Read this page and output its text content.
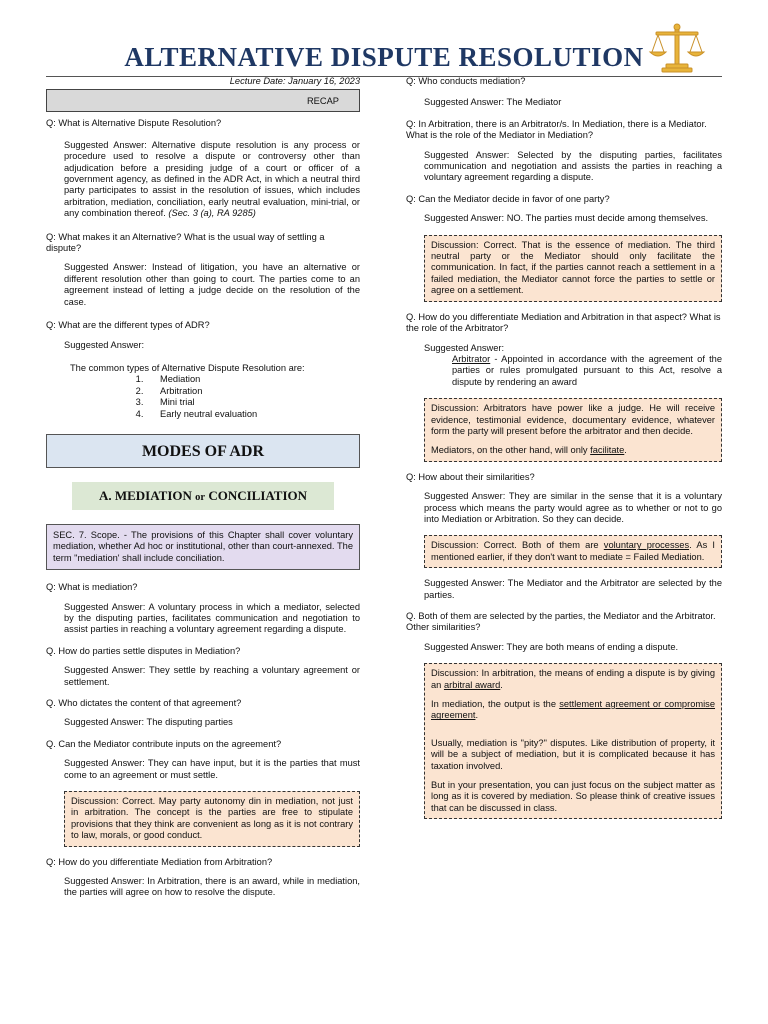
ALTERNATIVE DISPUTE RESOLUTION
Lecture Date: January 16, 2023
RECAP
Q: What is Alternative Dispute Resolution?
Suggested Answer: Alternative dispute resolution is any process or procedure used to resolve a dispute or controversy other than adjudication before a presiding judge of a court or officer of a government agency, as defined in the ADR Act, in which a neutral third party participates to assist in the resolution of issues, which includes arbitration, mediation, conciliation, early neutral evaluation, mini-trial, or any combination thereof. (Sec. 3 (a), RA 9285)
Q: What makes it an Alternative? What is the usual way of settling a dispute?
Suggested Answer: Instead of litigation, you have an alternative or different resolution other than going to court. The parties come to an agreement instead of letting a judge decide on the resolution of the case.
Q: What are the different types of ADR?
Suggested Answer:
The common types of Alternative Dispute Resolution are:
1. Mediation
2. Arbitration
3. Mini trial
4. Early neutral evaluation
MODES OF ADR
A. MEDIATION or CONCILIATION
SEC. 7. Scope. - The provisions of this Chapter shall cover voluntary mediation, whether Ad hoc or institutional, other than court-annexed. The term "mediation' shall include conciliation.
Q: What is mediation?
Suggested Answer: A voluntary process in which a mediator, selected by the disputing parties, facilitates communication and negotiation to assist parties in reaching a voluntary agreement regarding a dispute.
Q. How do parties settle disputes in Mediation?
Suggested Answer: They settle by reaching a voluntary agreement or settlement.
Q. Who dictates the content of that agreement?
Suggested Answer: The disputing parties
Q. Can the Mediator contribute inputs on the agreement?
Suggested Answer: They can have input, but it is the parties that must come to an agreement or must settle.

Discussion: Correct. May party autonomy din in mediation, not just in arbitration. The concept is the parties are free to stipulate provisions that they think are convenient as long as it is not contrary to law, morals, or good conduct.

Q: How do you differentiate Mediation from Arbitration?
Suggested Answer: In Arbitration, there is an award, while in mediation, the parties will agree on how to resolve the dispute.
Q: Who conducts mediation?
Suggested Answer: The Mediator
Q: In Arbitration, there is an Arbitrator/s. In Mediation, there is a Mediator. What is the role of the Mediator in Mediation?
Suggested Answer: Selected by the disputing parties, facilitates communication and negotiation and assists the parties in reaching a voluntary agreement regarding a dispute.
Q: Can the Mediator decide in favor of one party?
Suggested Answer: NO. The parties must decide among themselves.

Discussion: Correct. That is the essence of mediation. The third neutral party or the Mediator should only facilitate the communication. In fact, if the parties cannot reach a settlement in a failed mediation, the Mediator cannot force the parties to settle or agree on a settlement.

Q. How do you differentiate Mediation and Arbitration in that aspect? What is the role of the Arbitrator?
Suggested Answer:
Arbitrator - Appointed in accordance with the agreement of the parties or rules promulgated pursuant to this Act, resolve a dispute by rendering an award

Discussion: Arbitrators have power like a judge. He will receive evidence, testimonial evidence, documentary evidence, whatever form the party will present before the arbitrator and then decide.

Mediators, on the other hand, will only facilitate.

Q: How about their similarities?
Suggested Answer: They are similar in the sense that it is a voluntary process which means the party would agree as to whether or not to go into Mediation or Arbitration. So they can decide.

Discussion: Correct. Both of them are voluntary processes. As I mentioned earlier, if they don't want to mediate = Failed Mediation.

Suggested Answer: The Mediator and the Arbitrator are selected by the parties.
Q. Both of them are selected by the parties, the Mediator and the Arbitrator. Other similarities?
Suggested Answer: They are both means of ending a dispute.

Discussion: In arbitration, the means of ending a dispute is by giving an arbitral award.

In mediation, the output is the settlement agreement or compromise agreement.

Usually, mediation is "pity?" disputes. Like distribution of property, it will be a subject of mediation, but it is complicated because it has taxation involved.

But in your presentation, you can just focus on the subject matter as long as it is covered by mediation. So please think of creative issues that can be discussed in class.
